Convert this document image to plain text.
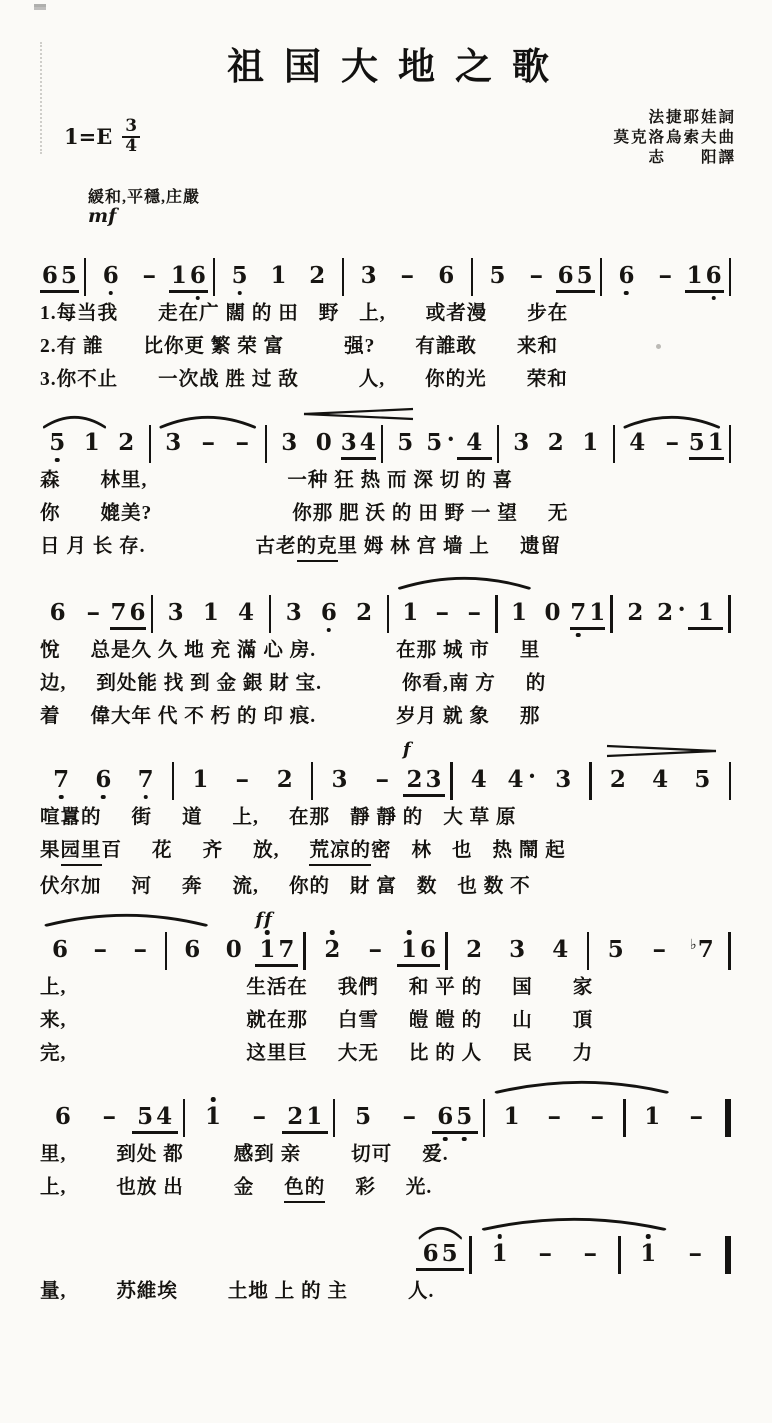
祖国大地之歌
$1=E \frac{3}{4}$
法捷耶娃詞
莫克洛烏索夫曲
志　　阳譯
緩和,平穩,庄嚴
mf
6 5 6 – 1 6 5 1 2 3 – 6 5 – 6 5 6 – 1 6
1.每当我 走在广 闊 的 田 野 上, 或者漫 步在
2.有 誰 比你更 繁 荣 富	强? 有誰敢 来和
3.你不止 一次战 胜 过 敌	人, 你的光 荣和
5 1 2 3 – – 3 0 3 4 5 5 · 4 3 2 1 4 – 5 1
森 林里,	一种 狂 热 而 深 切 的 喜
你 媲美?	你那 肥 沃 的 田 野 一 望 无
日 月 长 存.	古老 的克 里 姆 林 宫 墙 上 遗留
6 – 7 6 3 1 4 3 6 2 1 – – 1 0 7 1 2 2 · 1
悅 总是久 久 地 充 滿 心 房.	在那 城 市 里
边, 到处能 找 到 金 銀 財 宝.	你看,南 方 的
着 偉大年 代 不 朽 的 印 痕.	岁月 就 象 那
7 6 7 1 – 2 3 – 2 3
f
4 4 · 3 2 4 5
喧囂的 街 道 上, 在那 靜 靜 的 大 草 原
果 园里 百 花 齐 放, 荒凉的 密 林 也 热 鬧 起
伏尔加 河 奔 流, 你的 財 富 数 也 数 不
6 – – 6 0 1 7
ff
2 – 1 6 2 3 4 5 – ♭7
上,	生活在 我們 和 平 的 国 家
来,	就在那 白雪 皚 皚 的 山 頂
完,	这里巨 大无 比 的 人 民 力
6 – 5 4 1 – 2 1 5 – 6 5 1 – – 1 –
里,	到处 都	感到 亲	切可 爱.
上,	也放 出	金 色的 彩 光.
6 5 1 – – 1 –
量,	苏維埃	土地 上 的 主	人.
